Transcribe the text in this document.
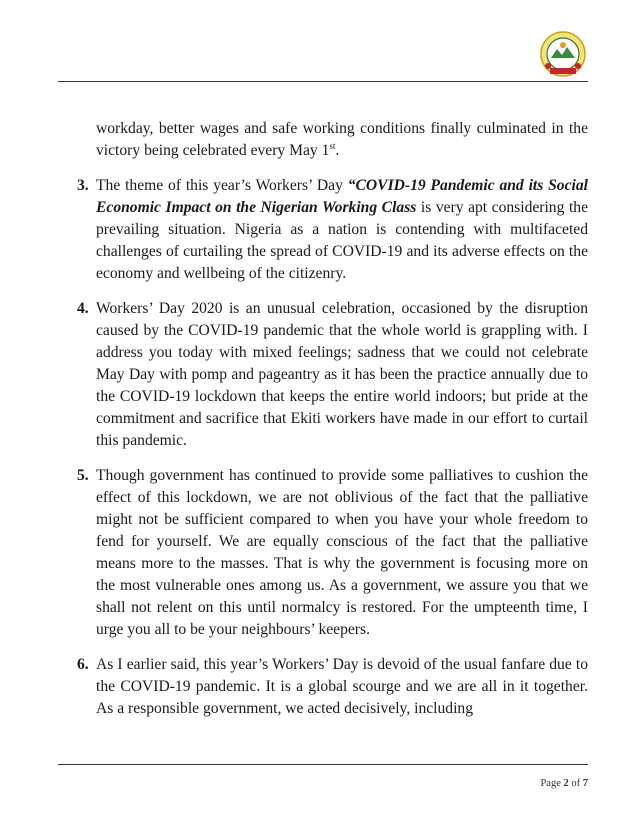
workday, better wages and safe working conditions finally culminated in the victory being celebrated every May 1st.

3. The theme of this year’s Workers’ Day “COVID-19 Pandemic and its Social Economic Impact on the Nigerian Working Class is very apt considering the prevailing situation. Nigeria as a nation is contending with multifaceted challenges of curtailing the spread of COVID-19 and its adverse effects on the economy and wellbeing of the citizenry.

4. Workers’ Day 2020 is an unusual celebration, occasioned by the disruption caused by the COVID-19 pandemic that the whole world is grappling with. I address you today with mixed feelings; sadness that we could not celebrate May Day with pomp and pageantry as it has been the practice annually due to the COVID-19 lockdown that keeps the entire world indoors; but pride at the commitment and sacrifice that Ekiti workers have made in our effort to curtail this pandemic.

5. Though government has continued to provide some palliatives to cushion the effect of this lockdown, we are not oblivious of the fact that the palliative might not be sufficient compared to when you have your whole freedom to fend for yourself. We are equally conscious of the fact that the palliative means more to the masses. That is why the government is focusing more on the most vulnerable ones among us. As a government, we assure you that we shall not relent on this until normalcy is restored. For the umpteenth time, I urge you all to be your neighbours’ keepers.

6. As I earlier said, this year’s Workers’ Day is devoid of the usual fanfare due to the COVID-19 pandemic. It is a global scourge and we are all in it together. As a responsible government, we acted decisively, including

Page 2 of 7
